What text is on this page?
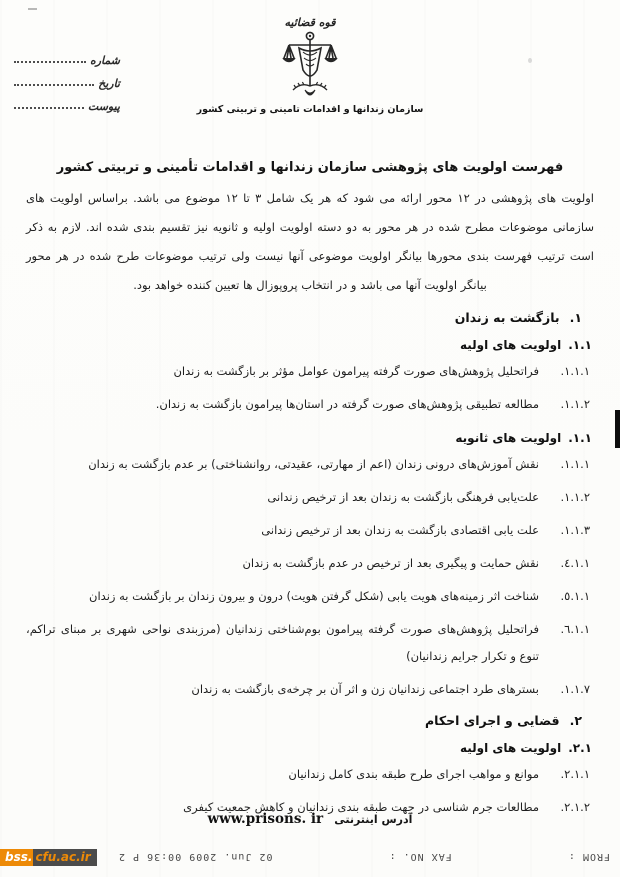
شماره
تاریخ
پیوست
قوه قضائیه
سازمان زندانها و اقدامات تامینی و تربیتی کشور
فهرست اولویت های پژوهشی سازمان زندانها و اقدامات تأمینی و تربیتی کشور

اولویت های پژوهشی در ۱۲ محور ارائه می شود که هر یک شامل ۳ تا ۱۲ موضوع می باشد. براساس اولویت های سازمانی موضوعات مطرح شده در هر محور به دو دسته اولویت اولیه و ثانویه نیز تقسیم بندی شده اند. لازم به ذکر است ترتیب فهرست بندی محورها بیانگر اولویت موضوعی آنها نیست ولی ترتیب موضوعات طرح شده در هر محور بیانگر اولویت آنها می باشد و در انتخاب پروپوزال ها تعیین کننده خواهد بود.

۱.
بازگشت به زندان
۱.۱.
اولویت های اولیه
۱.۱.۱.
فراتحلیل پژوهش‌های صورت گرفته پیرامون عوامل مؤثر بر بازگشت به زندان
۱.۱.۲.
مطالعه تطبیقی پژوهش‌های صورت گرفته در استان‌ها پیرامون بازگشت به زندان.
۱.۱.
اولویت های ثانویه
۱.۱.۱.
نقش آموزش‌های درونی زندان (اعم از مهارتی، عقیدتی، روانشناختی) بر عدم بازگشت به زندان
۱.۱.۲.
علت‌یابی فرهنگی بازگشت به زندان بعد از ترخیص زندانی
۱.۱.۳.
علت یابی اقتصادی بازگشت به زندان بعد از ترخیص زندانی
۱.۱.٤.
نقش حمایت و پیگیری بعد از ترخیص در عدم بازگشت به زندان
۱.۱.٥.
شناخت اثر زمینه‌های هویت یابی (شکل گرفتن هویت) درون و بیرون زندان بر بازگشت به زندان
۱.۱.٦.
فراتحلیل پژوهش‌های صورت گرفته پیرامون بوم‌شناختی زندانیان (مرزبندی نواحی شهری بر مبنای تراکم، تنوع و تکرار جرایم زندانیان)
۱.۱.۷.
بسترهای طرد اجتماعی زندانیان زن و اثر آن بر چرخه‌ی بازگشت به زندان
۲.
قضایی و اجرای احکام
۲.۱.
اولویت های اولیه
۲.۱.۱.
موانع و مواهب اجرای طرح طبقه بندی کامل زندانیان
۲.۱.۲.
مطالعات جرم شناسی در جهت طبقه بندی زندانیان و کاهش جمعیت کیفری
آدرس اینترنتی www.prisons. ir
FROM :
FAX NO. :
02 Jun. 2009 00:36 P 2
bss. cfu.ac.ir
